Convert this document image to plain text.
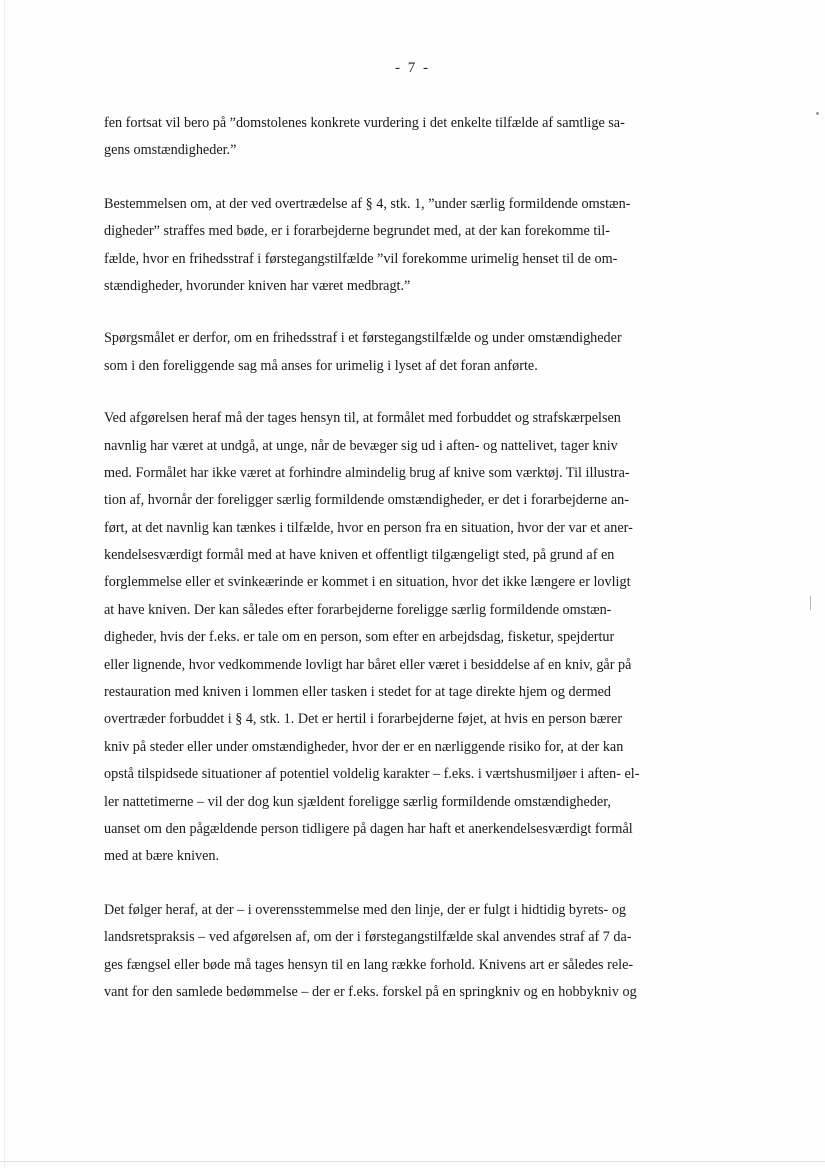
- 7 -
fen fortsat vil bero på ”domstolenes konkrete vurdering i det enkelte tilfælde af samtlige sa-
gens omstændigheder.”
Bestemmelsen om, at der ved overtrædelse af § 4, stk. 1, ”under særlig formildende omstæn-
digheder” straffes med bøde, er i forarbejderne begrundet med, at der kan forekomme til-
fælde, hvor en frihedsstraf i førstegangstilfælde ”vil forekomme urimelig henset til de om-
stændigheder, hvorunder kniven har været medbragt.”
Spørgsmålet er derfor, om en frihedsstraf i et førstegangstilfælde og under omstændigheder
som i den foreliggende sag må anses for urimelig i lyset af det foran anførte.
Ved afgørelsen heraf må der tages hensyn til, at formålet med forbuddet og strafskærpelsen
navnlig har været at undgå, at unge, når de bevæger sig ud i aften- og nattelivet, tager kniv
med. Formålet har ikke været at forhindre almindelig brug af knive som værktøj. Til illustra-
tion af, hvornår der foreligger særlig formildende omstændigheder, er det i forarbejderne an-
ført, at det navnlig kan tænkes i tilfælde, hvor en person fra en situation, hvor der var et aner-
kendelsesværdigt formål med at have kniven et offentligt tilgængeligt sted, på grund af en
forglemmelse eller et svinkeærinde er kommet i en situation, hvor det ikke længere er lovligt
at have kniven. Der kan således efter forarbejderne foreligge særlig formildende omstæn-
digheder, hvis der f.eks. er tale om en person, som efter en arbejdsdag, fisketur, spejdertur
eller lignende, hvor vedkommende lovligt har båret eller været i besiddelse af en kniv, går på
restauration med kniven i lommen eller tasken i stedet for at tage direkte hjem og dermed
overtræder forbuddet i § 4, stk. 1. Det er hertil i forarbejderne føjet, at hvis en person bærer
kniv på steder eller under omstændigheder, hvor der er en nærliggende risiko for, at der kan
opstå tilspidsede situationer af potentiel voldelig karakter – f.eks. i værtshusmiljøer i aften- el-
ler nattetimerne – vil der dog kun sjældent foreligge særlig formildende omstændigheder,
uanset om den pågældende person tidligere på dagen har haft et anerkendelsesværdigt formål
med at bære kniven.
Det følger heraf, at der – i overensstemmelse med den linje, der er fulgt i hidtidig byrets- og
landsretspraksis – ved afgørelsen af, om der i førstegangstilfælde skal anvendes straf af 7 da-
ges fængsel eller bøde må tages hensyn til en lang række forhold. Knivens art er således rele-
vant for den samlede bedømmelse – der er f.eks. forskel på en springkniv og en hobbykniv og
